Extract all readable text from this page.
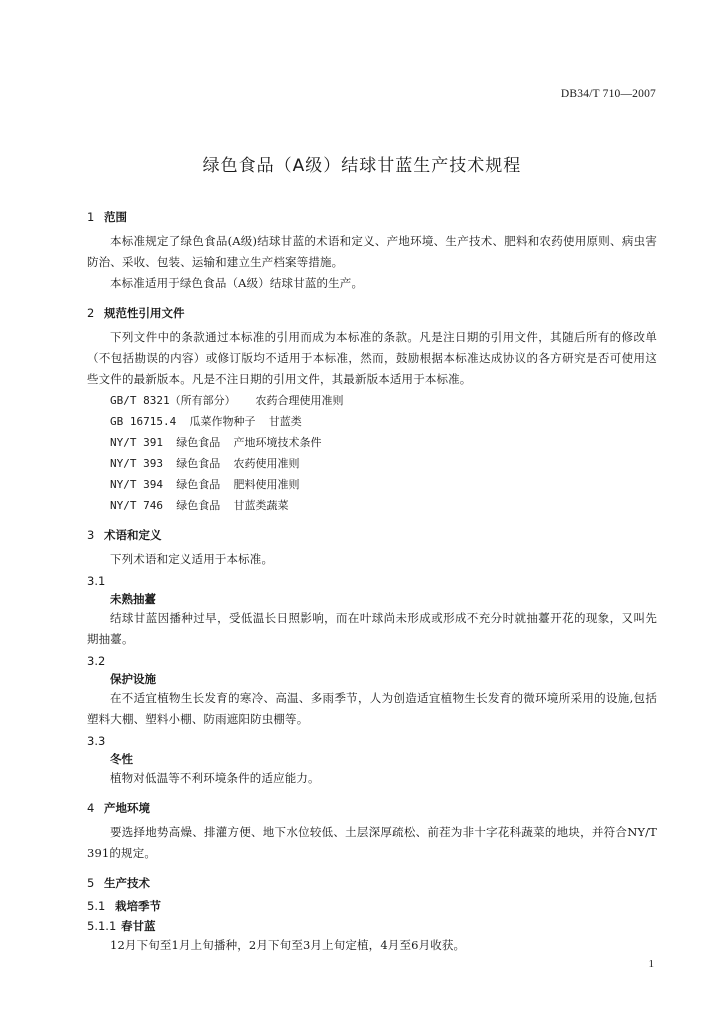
DB34/T 710—2007
绿色食品（A级）结球甘蓝生产技术规程
1 范围
本标准规定了绿色食品(A级)结球甘蓝的术语和定义、产地环境、生产技术、肥料和农药使用原则、病虫害防治、采收、包装、运输和建立生产档案等措施。
本标准适用于绿色食品（A级）结球甘蓝的生产。
2 规范性引用文件
下列文件中的条款通过本标准的引用而成为本标准的条款。凡是注日期的引用文件，其随后所有的修改单（不包括勘误的内容）或修订版均不适用于本标准，然而，鼓励根据本标准达成协议的各方研究是否可使用这些文件的最新版本。凡是不注日期的引用文件，其最新版本适用于本标准。
GB/T 8321（所有部分）   农药合理使用准则
GB 16715.4  瓜菜作物种子  甘蓝类
NY/T 391  绿色食品  产地环境技术条件
NY/T 393  绿色食品  农药使用准则
NY/T 394  绿色食品  肥料使用准则
NY/T 746  绿色食品  甘蓝类蔬菜
3 术语和定义
下列术语和定义适用于本标准。
3.1
未熟抽薹
结球甘蓝因播种过早，受低温长日照影响，而在叶球尚未形成或形成不充分时就抽薹开花的现象，又叫先期抽薹。
3.2
保护设施
在不适宜植物生长发育的寒冷、高温、多雨季节，人为创造适宜植物生长发育的微环境所采用的设施,包括塑料大棚、塑料小棚、防雨遮阳防虫棚等。
3.3
冬性
植物对低温等不利环境条件的适应能力。
4 产地环境
要选择地势高燥、排灌方便、地下水位较低、土层深厚疏松、前茬为非十字花科蔬菜的地块，并符合NY/T 391的规定。
5 生产技术
5.1 栽培季节
5.1.1 春甘蓝
12月下旬至1月上旬播种，2月下旬至3月上旬定植，4月至6月收获。
1
